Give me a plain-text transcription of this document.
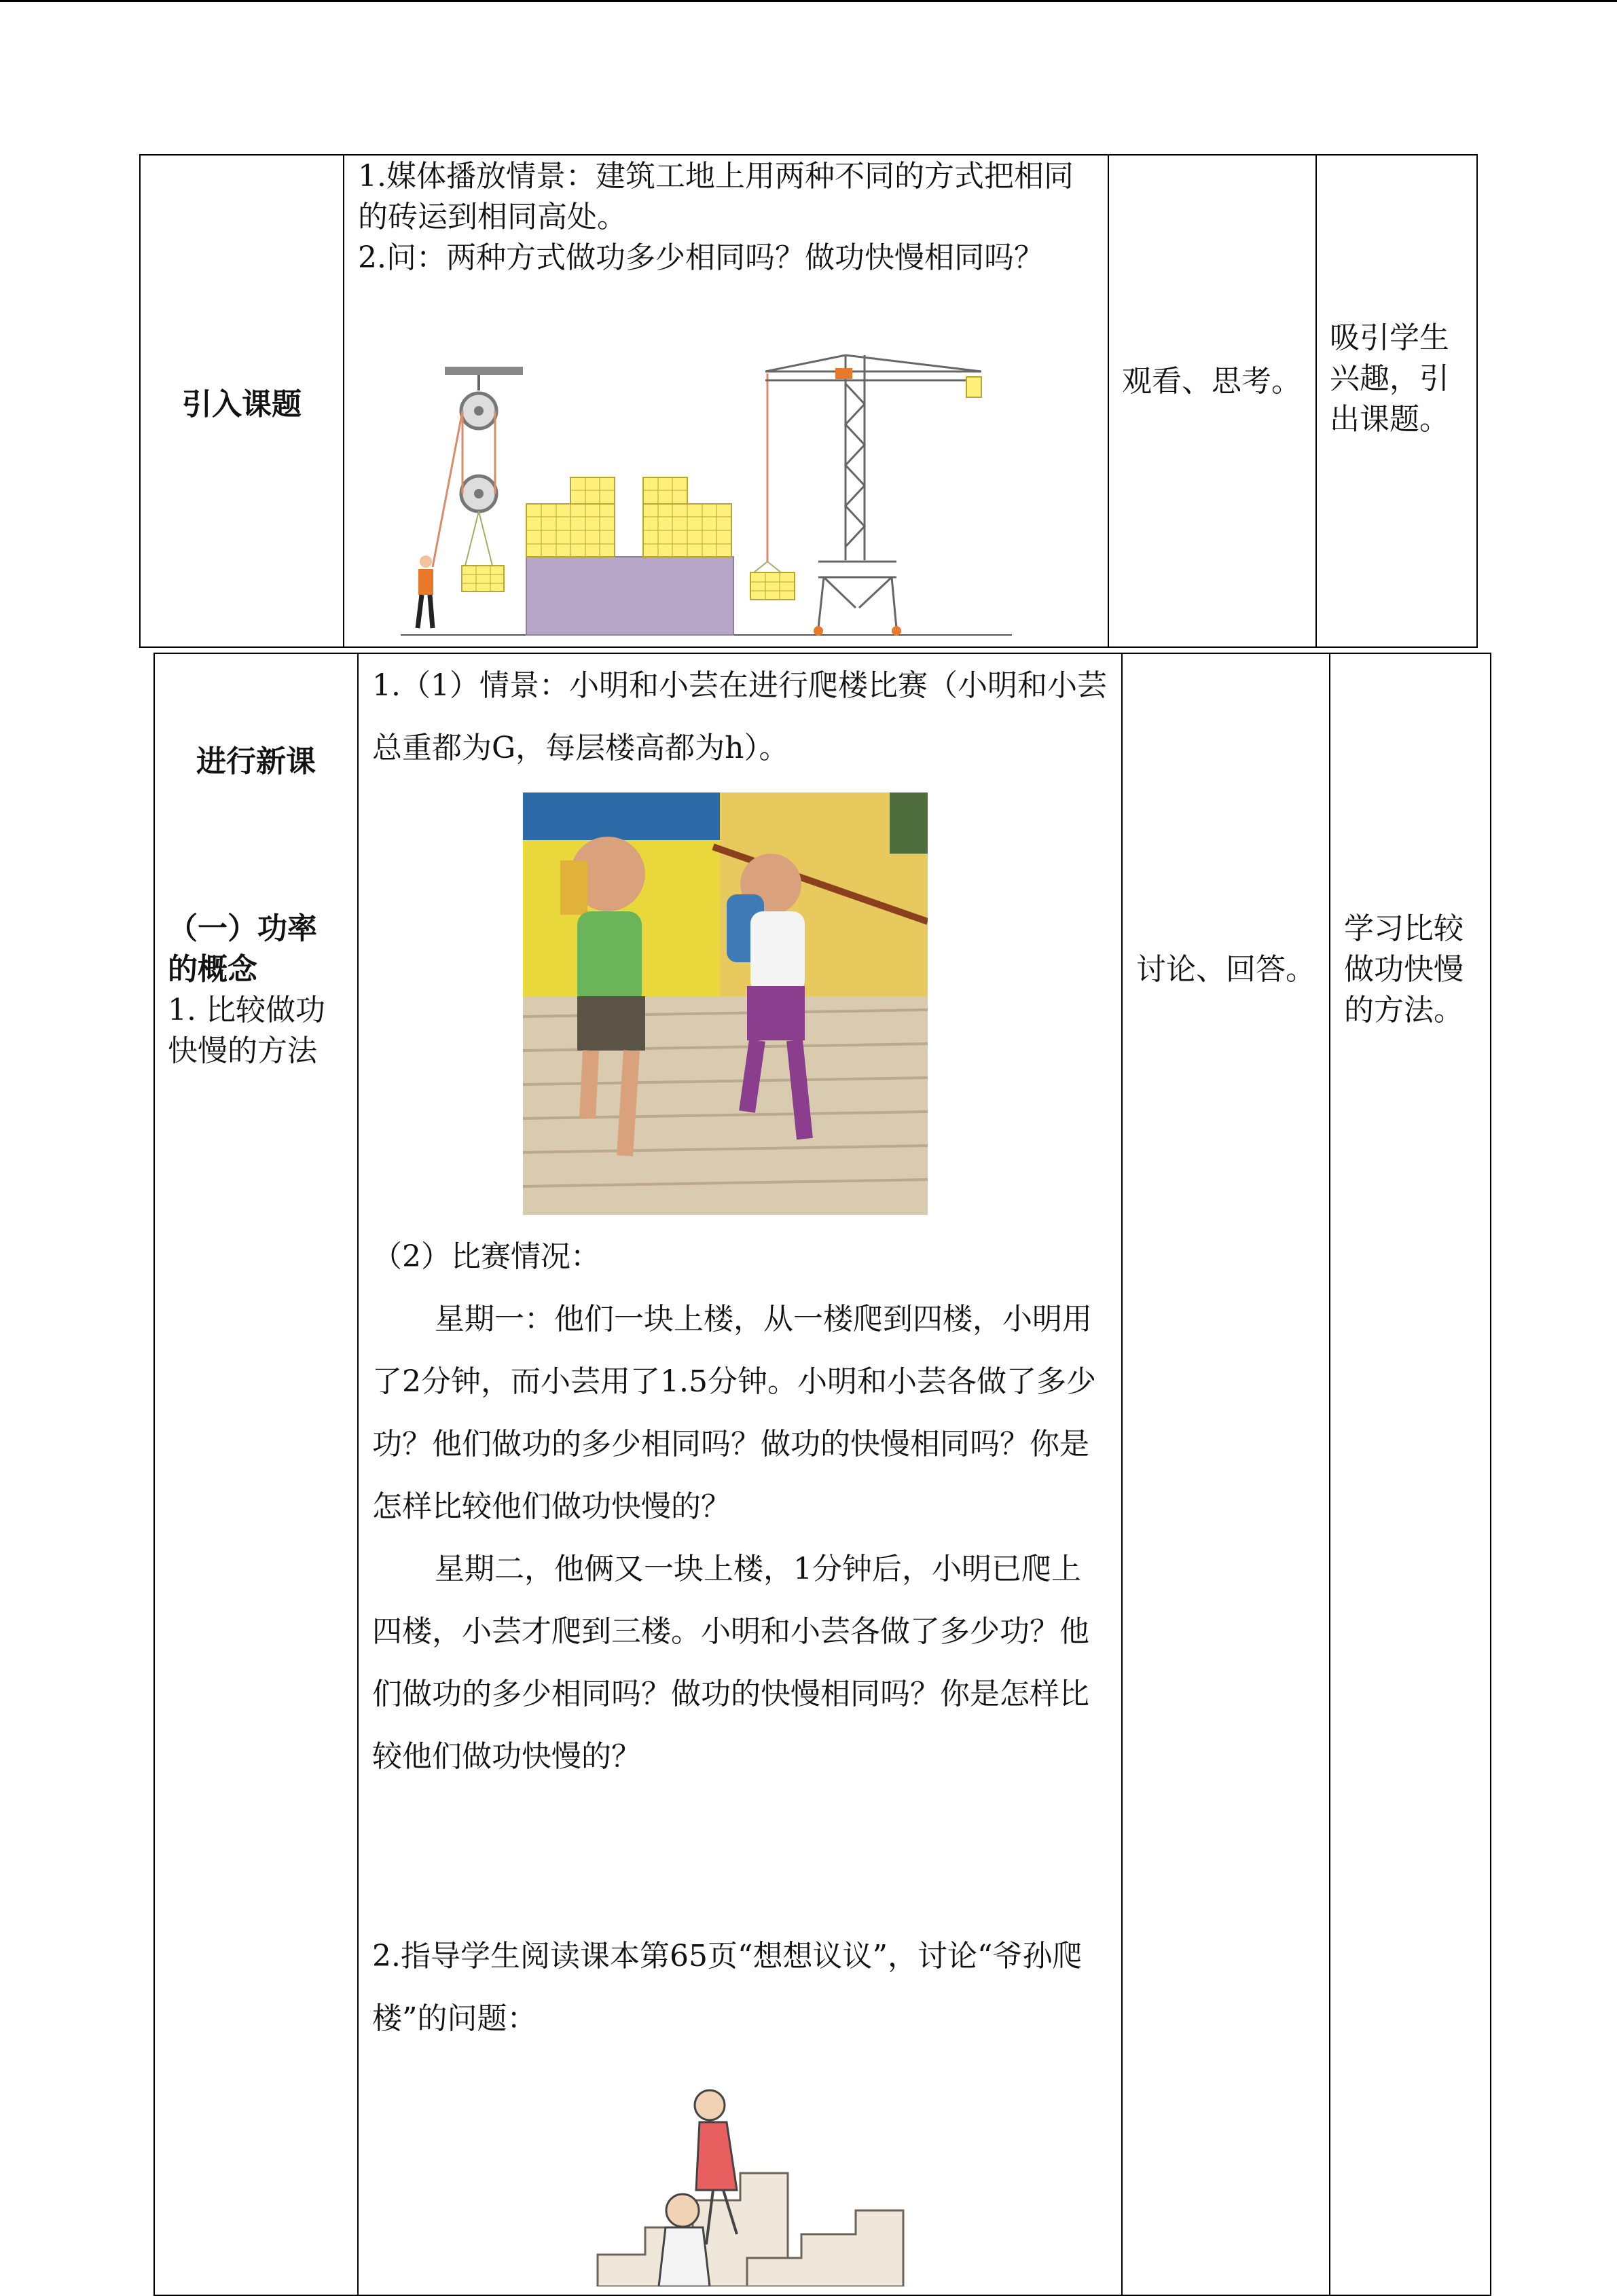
引入课题

1.媒体播放情景：建筑工地上用两种不同的方式把相同的砖运到相同高处。

2.问：两种方式做功多少相同吗？做功快慢相同吗？

观看、思考。
吸引学生兴趣，引出课题。
进行新课
（一）功率的概念
1. 比较做功快慢的方法

1.（1）情景：小明和小芸在进行爬楼比赛（小明和小芸总重都为G，每层楼高都为h）。

（2）比赛情况：

星期一：他们一块上楼，从一楼爬到四楼，小明用了2分钟，而小芸用了1.5分钟。小明和小芸各做了多少功？他们做功的多少相同吗？做功的快慢相同吗？你是怎样比较他们做功快慢的？

星期二，他俩又一块上楼，1分钟后，小明已爬上四楼，小芸才爬到三楼。小明和小芸各做了多少功？他们做功的多少相同吗？做功的快慢相同吗？你是怎样比较他们做功快慢的？

2.指导学生阅读课本第65页“想想议议”，讨论“爷孙爬楼”的问题：

讨论、回答。
学习比较做功快慢的方法。
